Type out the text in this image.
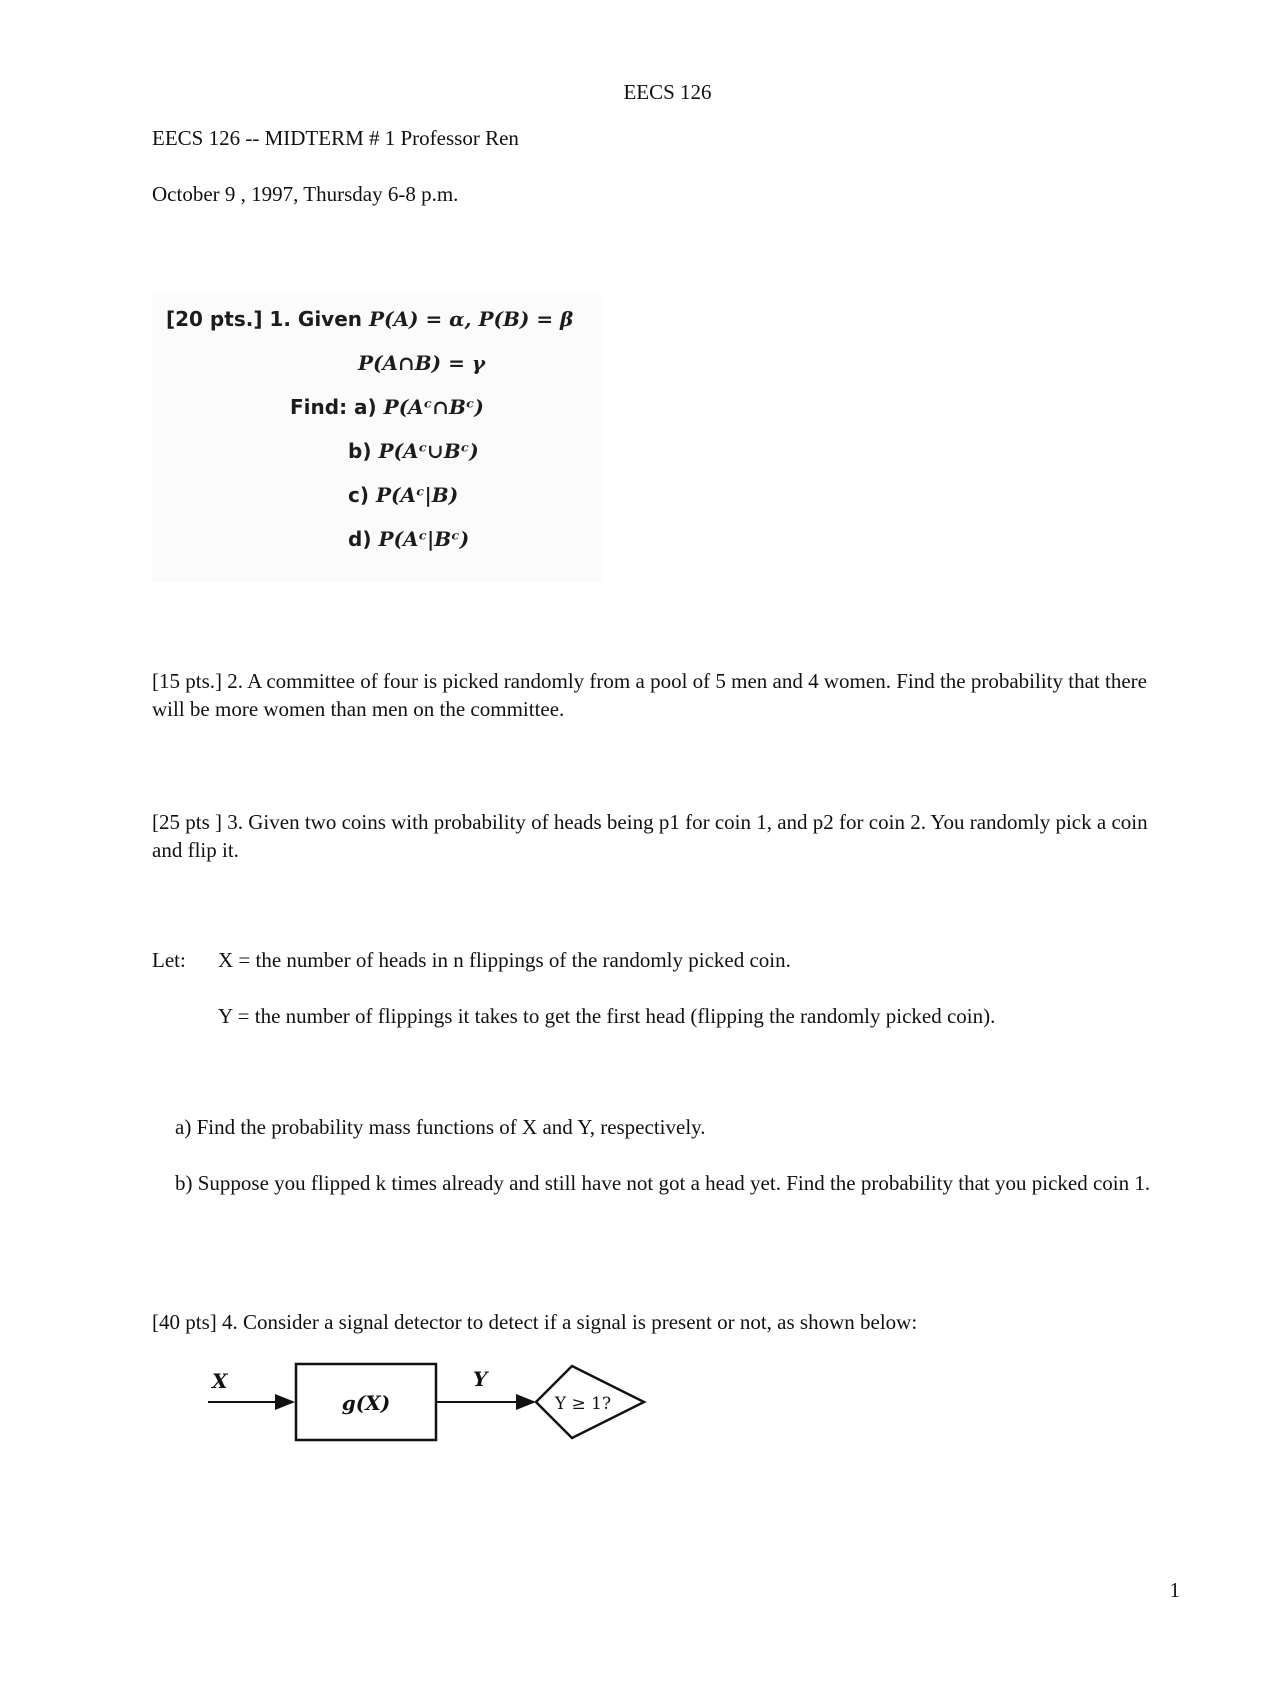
EECS 126
EECS 126 -- MIDTERM # 1 Professor Ren
October 9 , 1997, Thursday 6-8 p.m.
[20 pts.] 1. Given P(A) = α, P(B) = β
P(A∩B) = γ
Find: a) P(Aᶜ∩Bᶜ)
b) P(Aᶜ∪Bᶜ)
c) P(Aᶜ|B)
d) P(Aᶜ|Bᶜ)
[15 pts.] 2. A committee of four is picked randomly from a pool of 5 men and 4 women. Find the probability that there will be more women than men on the committee.
[25 pts ] 3. Given two coins with probability of heads being p1 for coin 1, and p2 for coin 2. You randomly pick a coin and flip it.
Let: X = the number of heads in n flippings of the randomly picked coin.
Y = the number of flippings it takes to get the first head (flipping the randomly picked coin).
a) Find the probability mass functions of X and Y, respectively.
b) Suppose you flipped k times already and still have not got a head yet. Find the probability that you picked coin 1.
[40 pts] 4. Consider a signal detector to detect if a signal is present or not, as shown below:
X
g(X)
Y
Y ≥ 1?
1
